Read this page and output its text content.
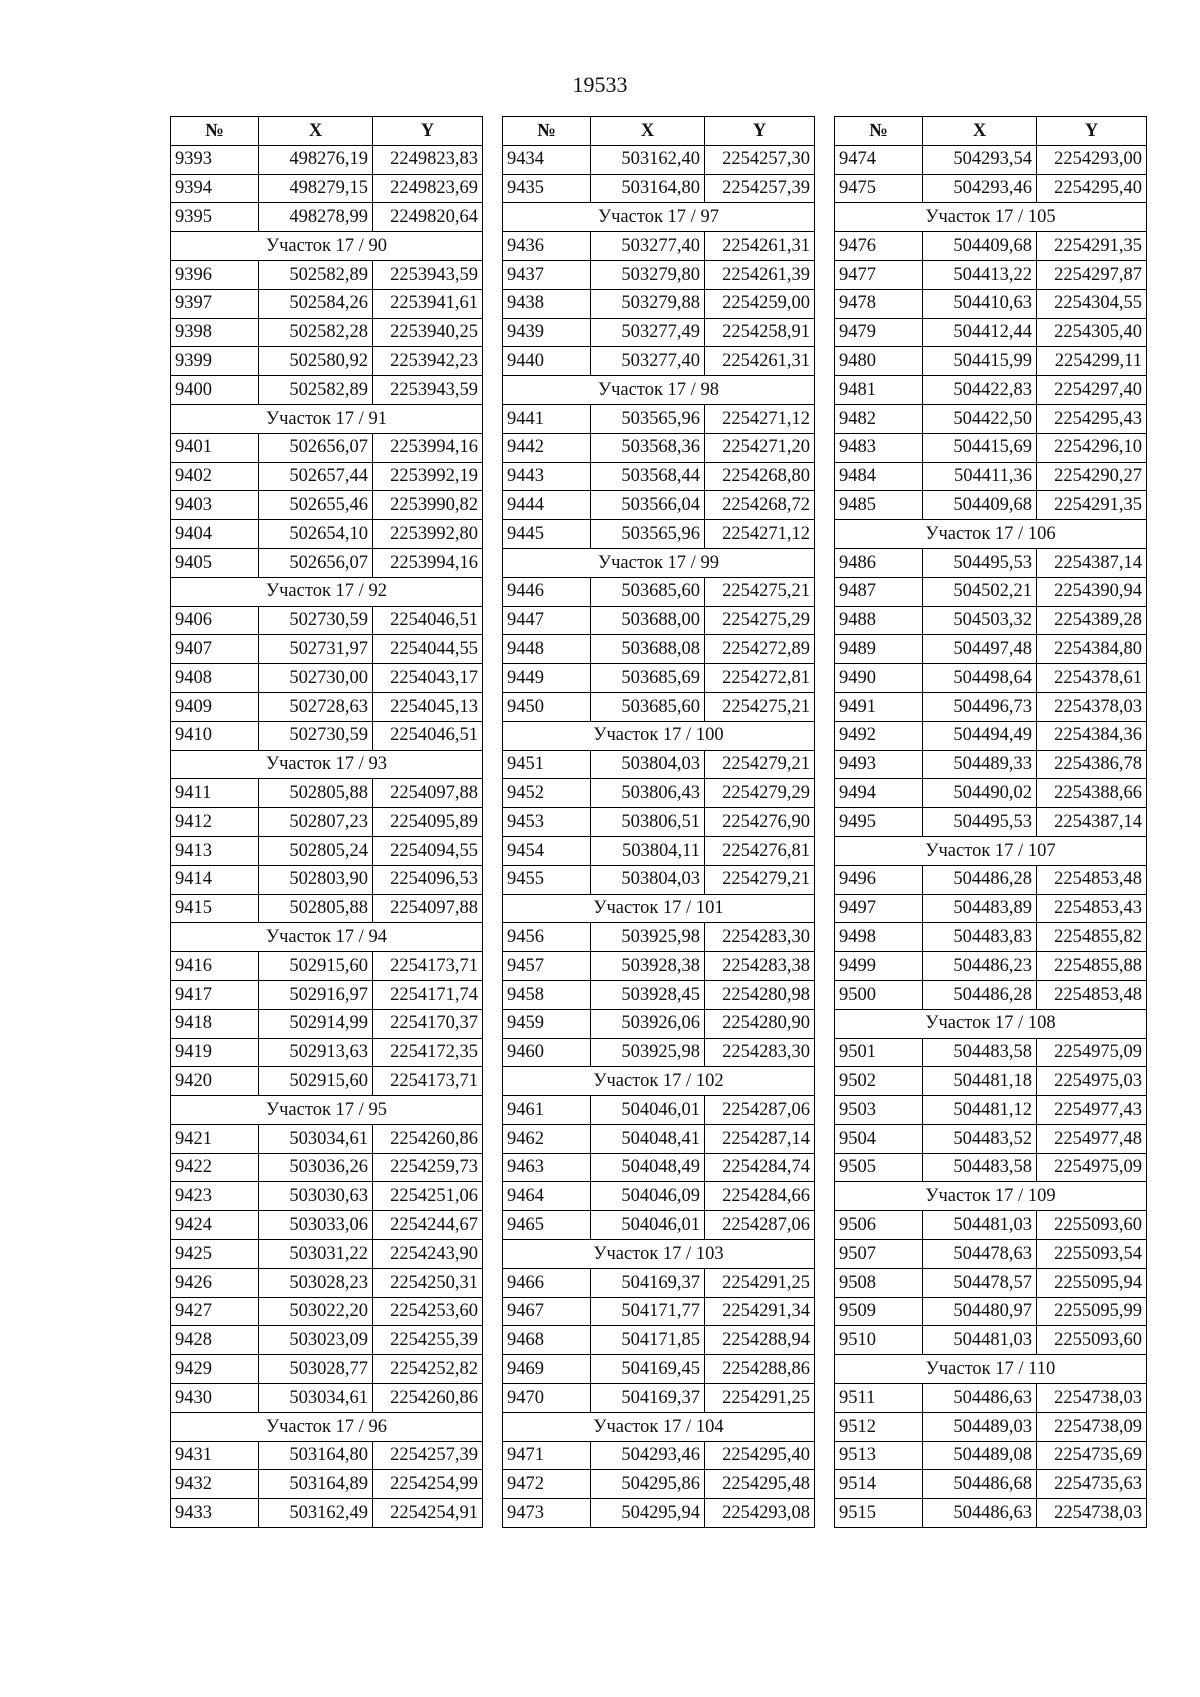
19533
№	X	Y
9393	498276,19	2249823,83
9394	498279,15	2249823,69
9395	498278,99	2249820,64
Участок 17 / 90		
9396	502582,89	2253943,59
9397	502584,26	2253941,61
9398	502582,28	2253940,25
9399	502580,92	2253942,23
9400	502582,89	2253943,59
Участок 17 / 91		
9401	502656,07	2253994,16
9402	502657,44	2253992,19
9403	502655,46	2253990,82
9404	502654,10	2253992,80
9405	502656,07	2253994,16
Участок 17 / 92		
9406	502730,59	2254046,51
9407	502731,97	2254044,55
9408	502730,00	2254043,17
9409	502728,63	2254045,13
9410	502730,59	2254046,51
Участок 17 / 93		
9411	502805,88	2254097,88
9412	502807,23	2254095,89
9413	502805,24	2254094,55
9414	502803,90	2254096,53
9415	502805,88	2254097,88
Участок 17 / 94		
9416	502915,60	2254173,71
9417	502916,97	2254171,74
9418	502914,99	2254170,37
9419	502913,63	2254172,35
9420	502915,60	2254173,71
Участок 17 / 95		
9421	503034,61	2254260,86
9422	503036,26	2254259,73
9423	503030,63	2254251,06
9424	503033,06	2254244,67
9425	503031,22	2254243,90
9426	503028,23	2254250,31
9427	503022,20	2254253,60
9428	503023,09	2254255,39
9429	503028,77	2254252,82
9430	503034,61	2254260,86
Участок 17 / 96		
9431	503164,80	2254257,39
9432	503164,89	2254254,99
9433	503162,49	2254254,91
№	X	Y
9434	503162,40	2254257,30
9435	503164,80	2254257,39
Участок 17 / 97		
9436	503277,40	2254261,31
9437	503279,80	2254261,39
9438	503279,88	2254259,00
9439	503277,49	2254258,91
9440	503277,40	2254261,31
Участок 17 / 98		
9441	503565,96	2254271,12
9442	503568,36	2254271,20
9443	503568,44	2254268,80
9444	503566,04	2254268,72
9445	503565,96	2254271,12
Участок 17 / 99		
9446	503685,60	2254275,21
9447	503688,00	2254275,29
9448	503688,08	2254272,89
9449	503685,69	2254272,81
9450	503685,60	2254275,21
Участок 17 / 100		
9451	503804,03	2254279,21
9452	503806,43	2254279,29
9453	503806,51	2254276,90
9454	503804,11	2254276,81
9455	503804,03	2254279,21
Участок 17 / 101		
9456	503925,98	2254283,30
9457	503928,38	2254283,38
9458	503928,45	2254280,98
9459	503926,06	2254280,90
9460	503925,98	2254283,30
Участок 17 / 102		
9461	504046,01	2254287,06
9462	504048,41	2254287,14
9463	504048,49	2254284,74
9464	504046,09	2254284,66
9465	504046,01	2254287,06
Участок 17 / 103		
9466	504169,37	2254291,25
9467	504171,77	2254291,34
9468	504171,85	2254288,94
9469	504169,45	2254288,86
9470	504169,37	2254291,25
Участок 17 / 104		
9471	504293,46	2254295,40
9472	504295,86	2254295,48
9473	504295,94	2254293,08
№	X	Y
9474	504293,54	2254293,00
9475	504293,46	2254295,40
Участок 17 / 105		
9476	504409,68	2254291,35
9477	504413,22	2254297,87
9478	504410,63	2254304,55
9479	504412,44	2254305,40
9480	504415,99	2254299,11
9481	504422,83	2254297,40
9482	504422,50	2254295,43
9483	504415,69	2254296,10
9484	504411,36	2254290,27
9485	504409,68	2254291,35
Участок 17 / 106		
9486	504495,53	2254387,14
9487	504502,21	2254390,94
9488	504503,32	2254389,28
9489	504497,48	2254384,80
9490	504498,64	2254378,61
9491	504496,73	2254378,03
9492	504494,49	2254384,36
9493	504489,33	2254386,78
9494	504490,02	2254388,66
9495	504495,53	2254387,14
Участок 17 / 107		
9496	504486,28	2254853,48
9497	504483,89	2254853,43
9498	504483,83	2254855,82
9499	504486,23	2254855,88
9500	504486,28	2254853,48
Участок 17 / 108		
9501	504483,58	2254975,09
9502	504481,18	2254975,03
9503	504481,12	2254977,43
9504	504483,52	2254977,48
9505	504483,58	2254975,09
Участок 17 / 109		
9506	504481,03	2255093,60
9507	504478,63	2255093,54
9508	504478,57	2255095,94
9509	504480,97	2255095,99
9510	504481,03	2255093,60
Участок 17 / 110		
9511	504486,63	2254738,03
9512	504489,03	2254738,09
9513	504489,08	2254735,69
9514	504486,68	2254735,63
9515	504486,63	2254738,03
